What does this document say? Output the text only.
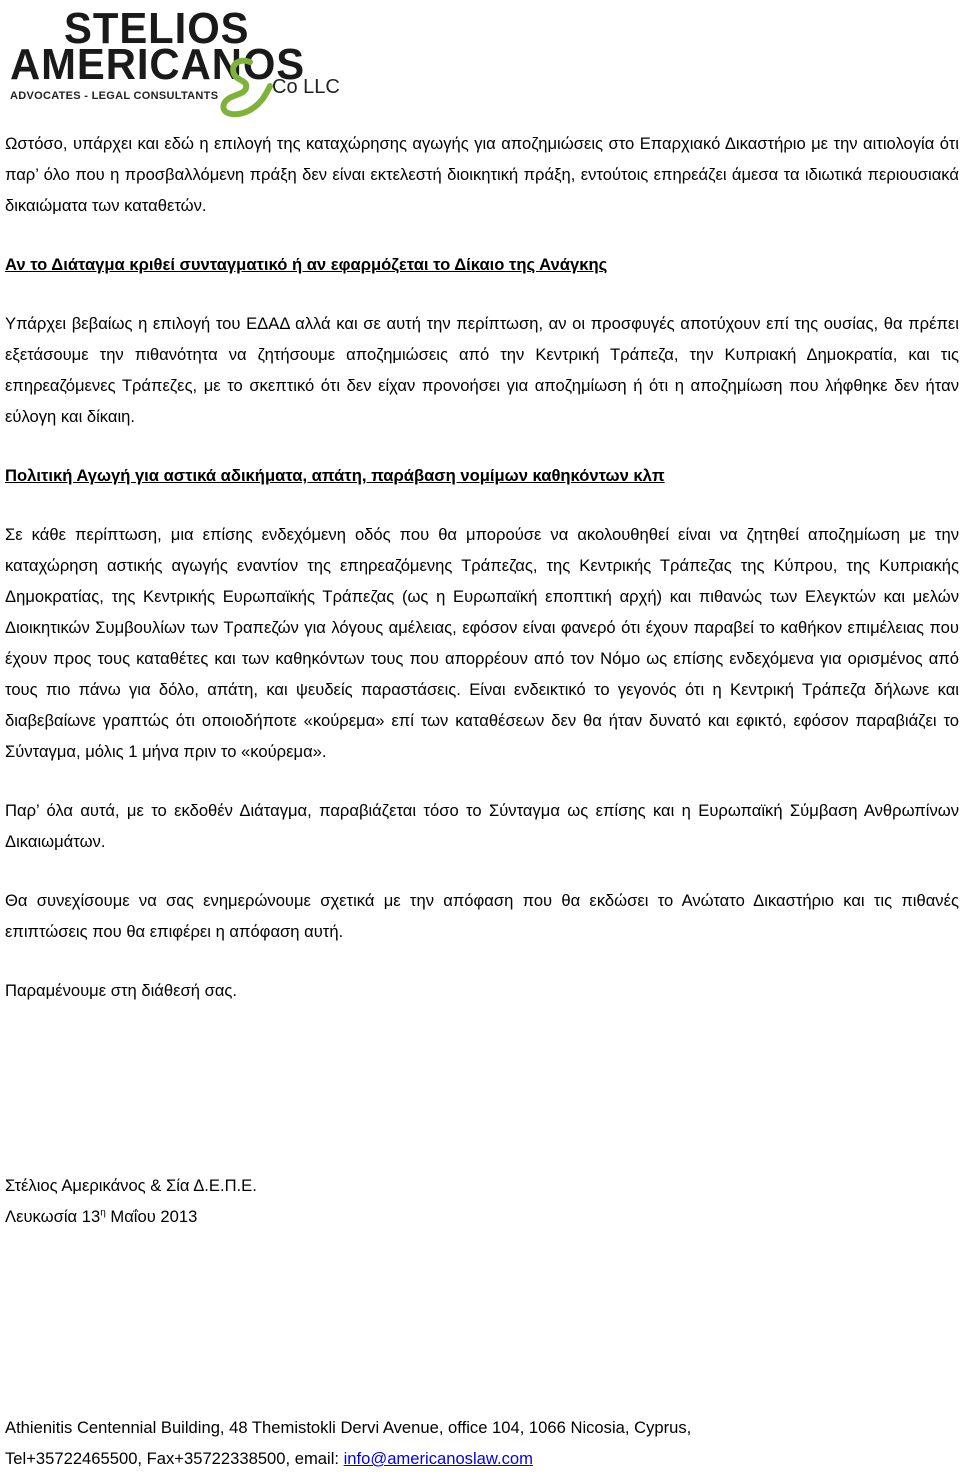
STELIOS
AMERICANOS
ADVOCATES - LEGAL CONSULTANTS	Co LLC

Ωστόσο, υπάρχει και εδώ η επιλογή της καταχώρησης αγωγής για αποζημιώσεις στο Επαρχιακό Δικαστήριο με την αιτιολογία ότι παρ’ όλο που η προσβαλλόμενη πράξη δεν είναι εκτελεστή διοικητική πράξη, εντούτοις επηρεάζει άμεσα τα ιδιωτικά περιουσιακά δικαιώματα των καταθετών.

Αν το Διάταγμα κριθεί συνταγματικό ή αν εφαρμόζεται το Δίκαιο της Ανάγκης

Υπάρχει βεβαίως η επιλογή του ΕΔΑΔ αλλά και σε αυτή την περίπτωση, αν οι προσφυγές αποτύχουν επί της ουσίας, θα πρέπει εξετάσουμε την πιθανότητα να ζητήσουμε αποζημιώσεις από την Κεντρική Τράπεζα, την Κυπριακή Δημοκρατία, και τις επηρεαζόμενες Τράπεζες, με το σκεπτικό ότι δεν είχαν προνοήσει για αποζημίωση ή ότι η αποζημίωση που λήφθηκε δεν ήταν εύλογη και δίκαιη.

Πολιτική Αγωγή για αστικά αδικήματα, απάτη, παράβαση νομίμων καθηκόντων κλπ

Σε κάθε περίπτωση, μια επίσης ενδεχόμενη οδός που θα μπορούσε να ακολουθηθεί είναι να ζητηθεί αποζημίωση με την καταχώρηση αστικής αγωγής εναντίον της επηρεαζόμενης Τράπεζας, της Κεντρικής Τράπεζας της Κύπρου, της Κυπριακής Δημοκρατίας, της Κεντρικής Ευρωπαϊκής Τράπεζας (ως η Ευρωπαϊκή εποπτική αρχή) και πιθανώς των Ελεγκτών και μελών Διοικητικών Συμβουλίων των Τραπεζών για λόγους αμέλειας, εφόσον είναι φανερό ότι έχουν παραβεί το καθήκον επιμέλειας που έχουν προς τους καταθέτες και των καθηκόντων τους που απορρέουν από τον Νόμο ως επίσης ενδεχόμενα για ορισμένος από τους πιο πάνω για δόλο, απάτη, και ψευδείς παραστάσεις. Είναι ενδεικτικό το γεγονός ότι η Κεντρική Τράπεζα δήλωνε και διαβεβαίωνε γραπτώς ότι οποιοδήποτε «κούρεμα» επί των καταθέσεων δεν θα ήταν δυνατό και εφικτό, εφόσον παραβιάζει το Σύνταγμα, μόλις 1 μήνα πριν το «κούρεμα».

Παρ’ όλα αυτά, με το εκδοθέν Διάταγμα, παραβιάζεται τόσο το Σύνταγμα ως επίσης και η Ευρωπαϊκή Σύμβαση Ανθρωπίνων Δικαιωμάτων.

Θα συνεχίσουμε να σας ενημερώνουμε σχετικά με την απόφαση που θα εκδώσει το Ανώτατο Δικαστήριο και τις πιθανές επιπτώσεις που θα επιφέρει η απόφαση αυτή.

Παραμένουμε στη διάθεσή σας.

Στέλιος Αμερικάνος & Σία Δ.Ε.Π.Ε.
Λευκωσία $13^\eta$ Μαΐου 2013
Athienitis Centennial Building, 48 Themistokli Dervi Avenue, office 104, 1066 Nicosia, Cyprus,
Tel+35722465500, Fax+35722338500, email: info@americanoslaw.com
